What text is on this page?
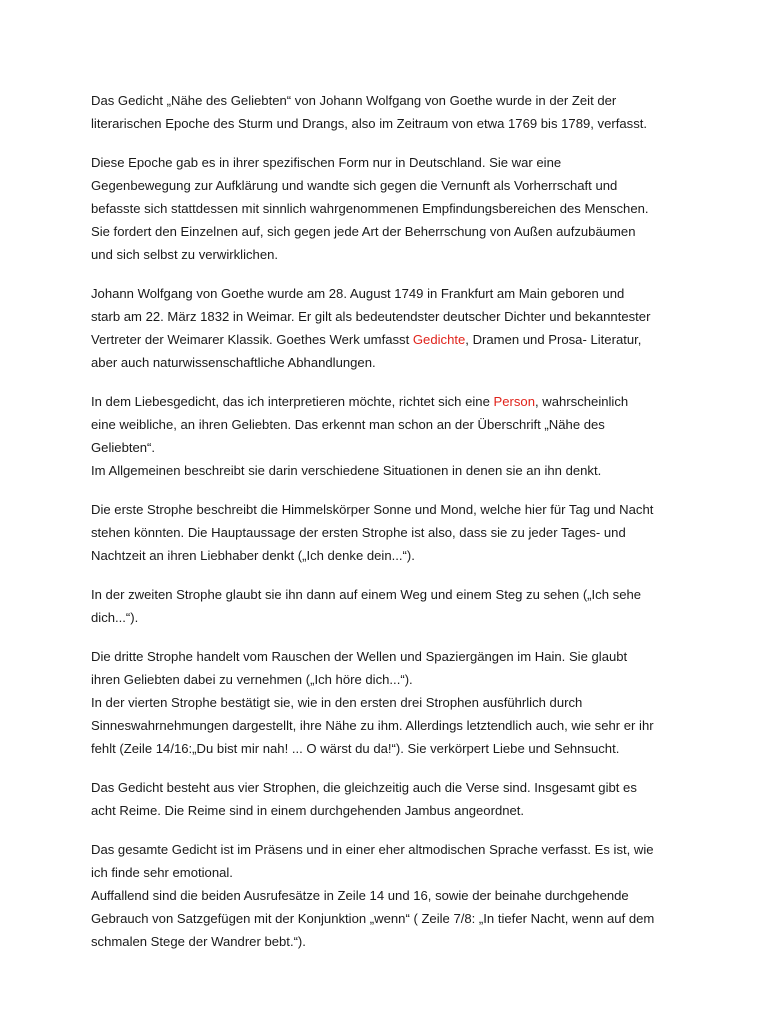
Das Gedicht „Nähe des Geliebten“ von Johann Wolfgang von Goethe wurde in der Zeit der
literarischen Epoche des Sturm und Drangs, also im Zeitraum von etwa 1769 bis 1789, verfasst.

Diese Epoche gab es in ihrer spezifischen Form nur in Deutschland. Sie war eine
Gegenbewegung zur Aufklärung und wandte sich gegen die Vernunft als Vorherrschaft und
befasste sich stattdessen mit sinnlich wahrgenommenen Empfindungsbereichen des Menschen.
Sie fordert den Einzelnen auf, sich gegen jede Art der Beherrschung von Außen aufzubäumen
und sich selbst zu verwirklichen.

Johann Wolfgang von Goethe wurde am 28. August 1749 in Frankfurt am Main geboren und
starb am 22. März 1832 in Weimar. Er gilt als bedeutendster deutscher Dichter und bekanntester
Vertreter der Weimarer Klassik. Goethes Werk umfasst Gedichte, Dramen und Prosa- Literatur,
aber auch naturwissenschaftliche Abhandlungen.

In dem Liebesgedicht, das ich interpretieren möchte, richtet sich eine Person, wahrscheinlich
eine weibliche, an ihren Geliebten. Das erkennt man schon an der Überschrift „Nähe des
Geliebten“.
Im Allgemeinen beschreibt sie darin verschiedene Situationen in denen sie an ihn denkt.

Die erste Strophe beschreibt die Himmelskörper Sonne und Mond, welche hier für Tag und Nacht
stehen könnten. Die Hauptaussage der ersten Strophe ist also, dass sie zu jeder Tages- und
Nachtzeit an ihren Liebhaber denkt („Ich denke dein...“).

In der zweiten Strophe glaubt sie ihn dann auf einem Weg und einem Steg zu sehen („Ich sehe
dich...“).

Die dritte Strophe handelt vom Rauschen der Wellen und Spaziergängen im Hain. Sie glaubt
ihren Geliebten dabei zu vernehmen („Ich höre dich...“).
In der vierten Strophe bestätigt sie, wie in den ersten drei Strophen ausführlich durch
Sinneswahrnehmungen dargestellt, ihre Nähe zu ihm. Allerdings letztendlich auch, wie sehr er ihr
fehlt (Zeile 14/16:„Du bist mir nah! ... O wärst du da!“). Sie verkörpert Liebe und Sehnsucht.

Das Gedicht besteht aus vier Strophen, die gleichzeitig auch die Verse sind. Insgesamt gibt es
acht Reime. Die Reime sind in einem durchgehenden Jambus angeordnet.

Das gesamte Gedicht ist im Präsens und in einer eher altmodischen Sprache verfasst. Es ist, wie
ich finde sehr emotional.
Auffallend sind die beiden Ausrufesätze in Zeile 14 und 16, sowie der beinahe durchgehende
Gebrauch von Satzgefügen mit der Konjunktion „wenn“ ( Zeile 7/8: „In tiefer Nacht, wenn auf dem
schmalen Stege der Wandrer bebt.“).
